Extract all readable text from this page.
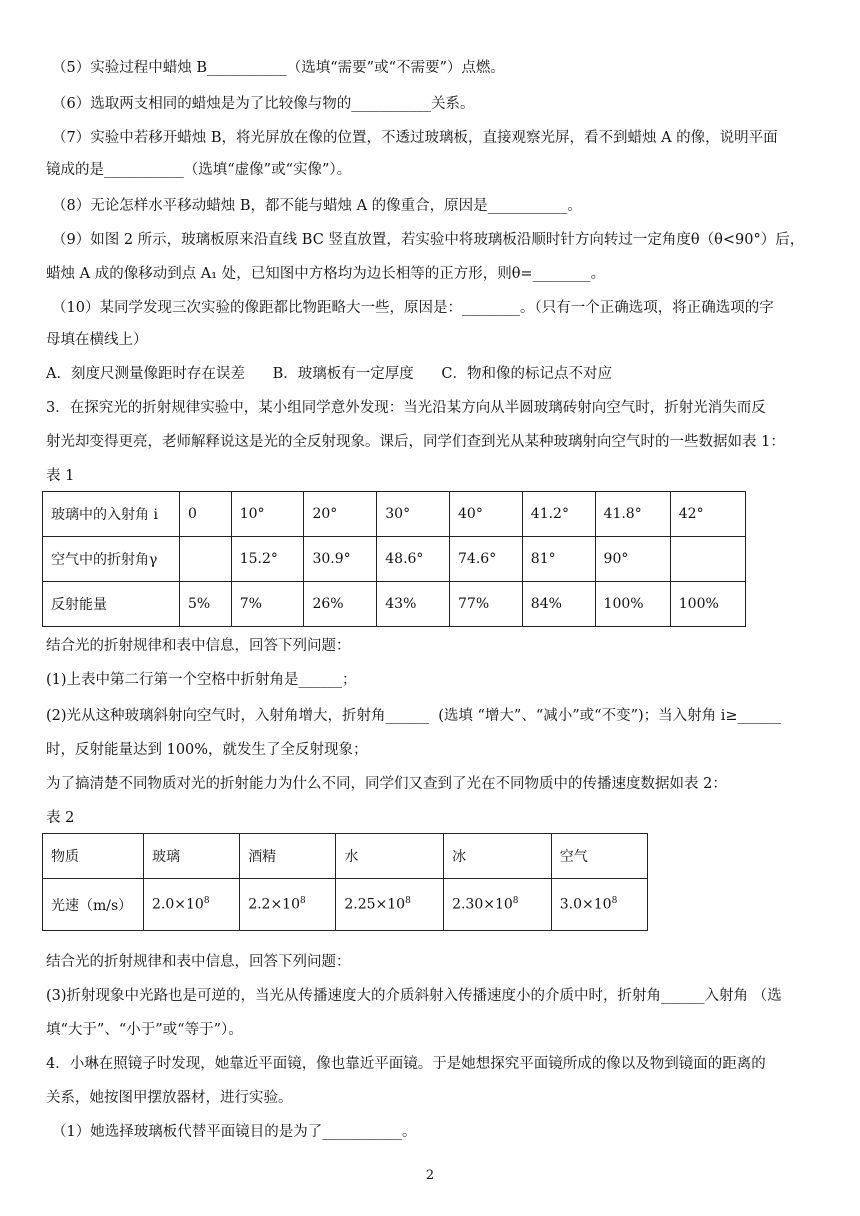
（5）实验过程中蜡烛 B___________（选填“需要”或“不需要”）点燃。
（6）选取两支相同的蜡烛是为了比较像与物的___________关系。
（7）实验中若移开蜡烛 B，将光屏放在像的位置，不透过玻璃板，直接观察光屏，看不到蜡烛 A 的像，说明平面
镜成的是___________（选填“虚像”或“实像”）。
（8）无论怎样水平移动蜡烛 B，都不能与蜡烛 A 的像重合，原因是___________。
（9）如图 2 所示，玻璃板原来沿直线 BC 竖直放置，若实验中将玻璃板沿顺时针方向转过一定角度θ（θ<90°）后，
蜡烛 A 成的像移动到点 A₁ 处，已知图中方格均为边长相等的正方形，则θ=________。
（10）某同学发现三次实验的像距都比物距略大一些，原因是：________。（只有一个正确选项，将正确选项的字
母填在横线上）
A．刻度尺测量像距时存在误差      B．玻璃板有一定厚度      C．物和像的标记点不对应
3．在探究光的折射规律实验中，某小组同学意外发现：当光沿某方向从半圆玻璃砖射向空气时，折射光消失而反
射光却变得更亮，老师解释说这是光的全反射现象。课后，同学们查到光从某种玻璃射向空气时的一些数据如表 1：
表 1
玻璃中的入射角 i	0	10°	20°	30°	40°	41.2°	41.8°	42°
空气中的折射角γ		15.2°	30.9°	48.6°	74.6°	81°	90°	
反射能量	5%	7%	26%	43%	77%	84%	100%	100%
结合光的折射规律和表中信息，回答下列问题：
(1)上表中第二行第一个空格中折射角是______；
(2)光从这种玻璃斜射向空气时，入射角增大，折射角______  (选填 “增大”、“减小”或“不变”)；当入射角 i≥______
时，反射能量达到 100%，就发生了全反射现象；
为了搞清楚不同物质对光的折射能力为什么不同，同学们又查到了光在不同物质中的传播速度数据如表 2：
表 2
物质	玻璃	酒精	水	冰	空气
光速（m/s）	$2.0\times 10^8$	$2.2\times 10^8$	$2.25\times 10^8$	$2.30\times 10^8$	$3.0\times 10^8$
结合光的折射规律和表中信息，回答下列问题：
(3)折射现象中光路也是可逆的，当光从传播速度大的介质斜射入传播速度小的介质中时，折射角______入射角 （选
填“大于”、“小于”或“等于”）。
4．小琳在照镜子时发现，她靠近平面镜，像也靠近平面镜。于是她想探究平面镜所成的像以及物到镜面的距离的
关系，她按图甲摆放器材，进行实验。
（1）她选择玻璃板代替平面镜目的是为了___________。
2
